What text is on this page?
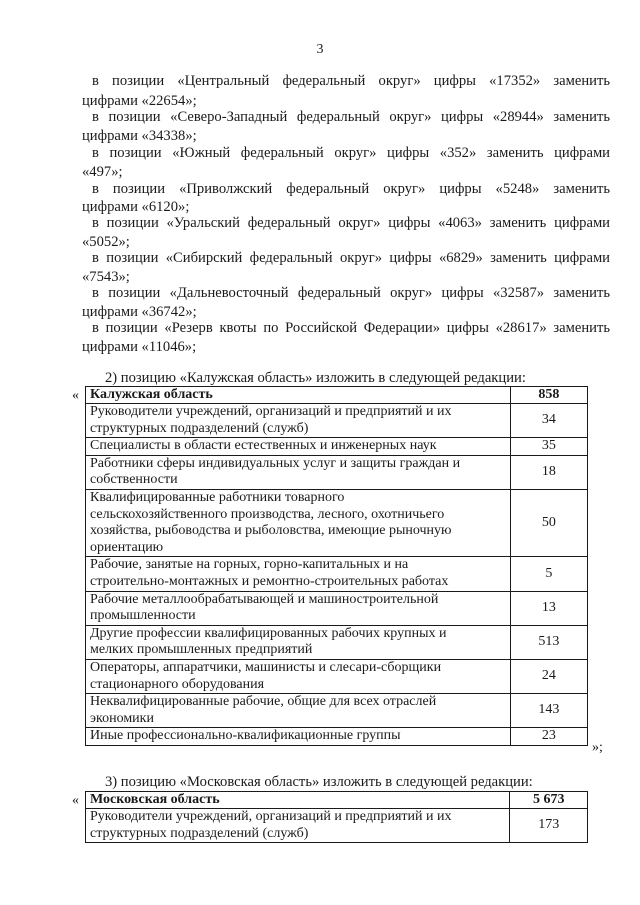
3
в позиции «Центральный федеральный округ» цифры «17352» заменить
цифрами «22654»;
в позиции «Северо-Западный федеральный округ» цифры «28944» заменить
цифрами «34338»;
в позиции «Южный федеральный округ» цифры «352» заменить цифрами
«497»;
в позиции «Приволжский федеральный округ» цифры «5248» заменить
цифрами «6120»;
в позиции «Уральский федеральный округ» цифры «4063» заменить цифрами
«5052»;
в позиции «Сибирский федеральный округ» цифры «6829» заменить цифрами
«7543»;
в позиции «Дальневосточный федеральный округ» цифры «32587» заменить
цифрами «36742»;
в позиции «Резерв квоты по Российской Федерации» цифры «28617» заменить
цифрами «11046»;
2) позицию «Калужская область» изложить в следующей редакции:
« Калужская область	858

Руководители учреждений, организаций и предприятий и их
структурных подразделений (служб)	34

Специалисты в области естественных и инженерных наук	35

Работники сферы индивидуальных услуг и защиты граждан и
собственности	18

Квалифицированные работники товарного
сельскохозяйственного производства, лесного, охотничьего
хозяйства, рыбоводства и рыболовства, имеющие рыночную
ориентацию	50

Рабочие, занятые на горных, горно-капитальных и на
строительно-монтажных и ремонтно-строительных работах	5

Рабочие металлообрабатывающей и машиностроительной
промышленности	13

Другие профессии квалифицированных рабочих крупных и
мелких промышленных предприятий	513

Операторы, аппаратчики, машинисты и слесари-сборщики
стационарного оборудования	24

Неквалифицированные рабочие, общие для всех отраслей
экономики	143

Иные профессионально-квалификационные группы	23
»;
3) позицию «Московская область» изложить в следующей редакции:
« Московская область	5 673

Руководители учреждений, организаций и предприятий и их
структурных подразделений (служб)	173
